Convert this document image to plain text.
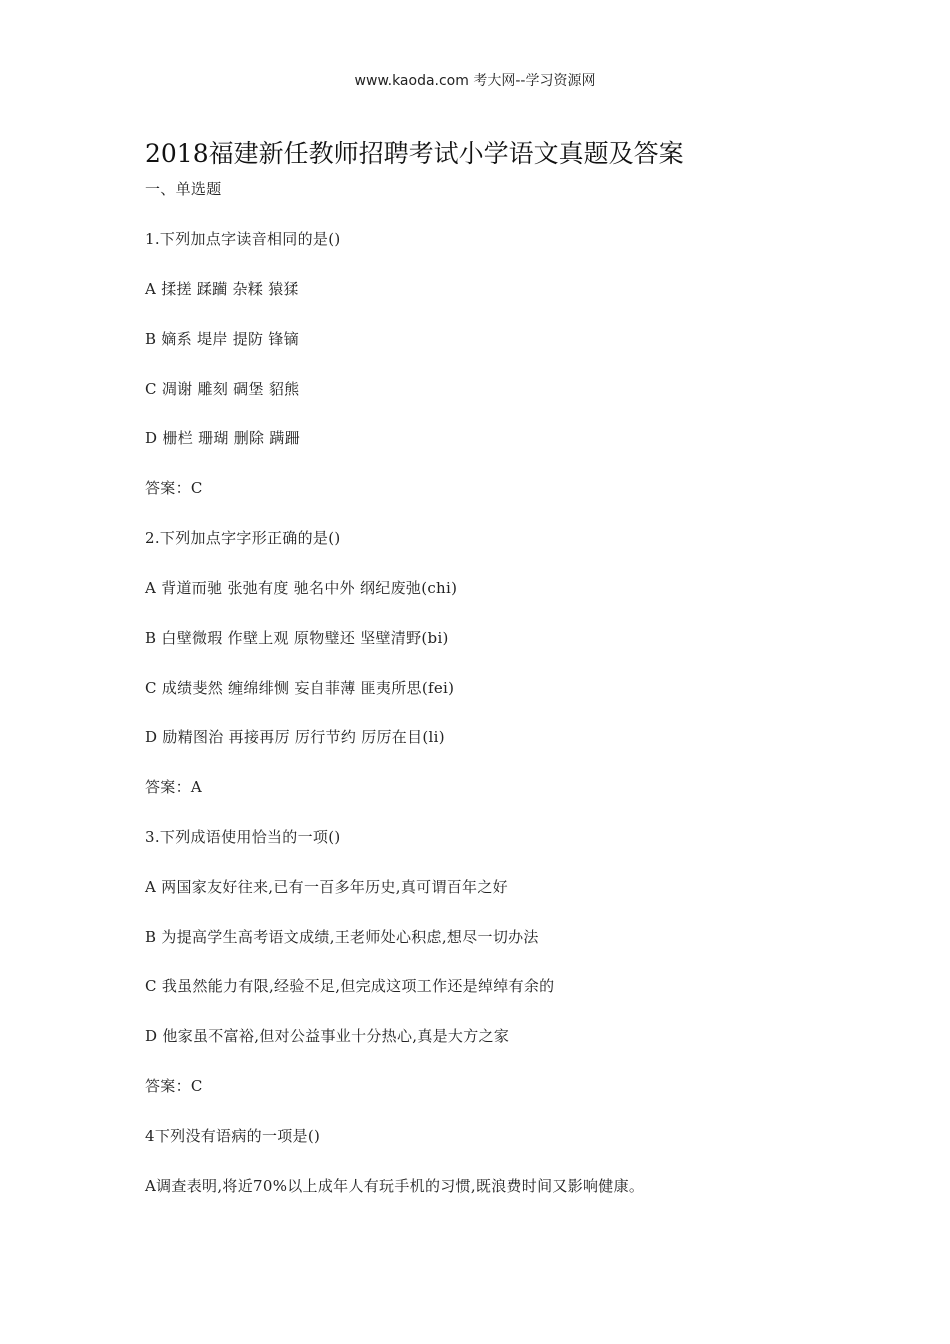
www.kaoda.com 考大网--学习资源网
2018福建新任教师招聘考试小学语文真题及答案
一、单选题
1.下列加点字读音相同的是()
A 揉搓 蹂躏 杂糅 猿猱
B 嫡系 堤岸 提防 锋镝
C 凋谢 雕刻 碉堡 貂熊
D 栅栏 珊瑚 删除 蹒跚
答案：C
2.下列加点字字形正确的是()
A 背道而驰 张弛有度 驰名中外 纲纪废弛(chi)
B 白壁微瑕 作壁上观 原物璧还 坚壁清野(bi)
C 成绩斐然 缠绵绯恻 妄自菲薄 匪夷所思(fei)
D 励精图治 再接再厉 厉行节约 厉厉在目(li)
答案：A
3.下列成语使用恰当的一项()
A 两国家友好往来,已有一百多年历史,真可谓百年之好
B 为提高学生高考语文成绩,王老师处心积虑,想尽一切办法
C 我虽然能力有限,经验不足,但完成这项工作还是绰绰有余的
D 他家虽不富裕,但对公益事业十分热心,真是大方之家
答案：C
4下列没有语病的一项是()
A调查表明,将近70%以上成年人有玩手机的习惯,既浪费时间又影响健康。
